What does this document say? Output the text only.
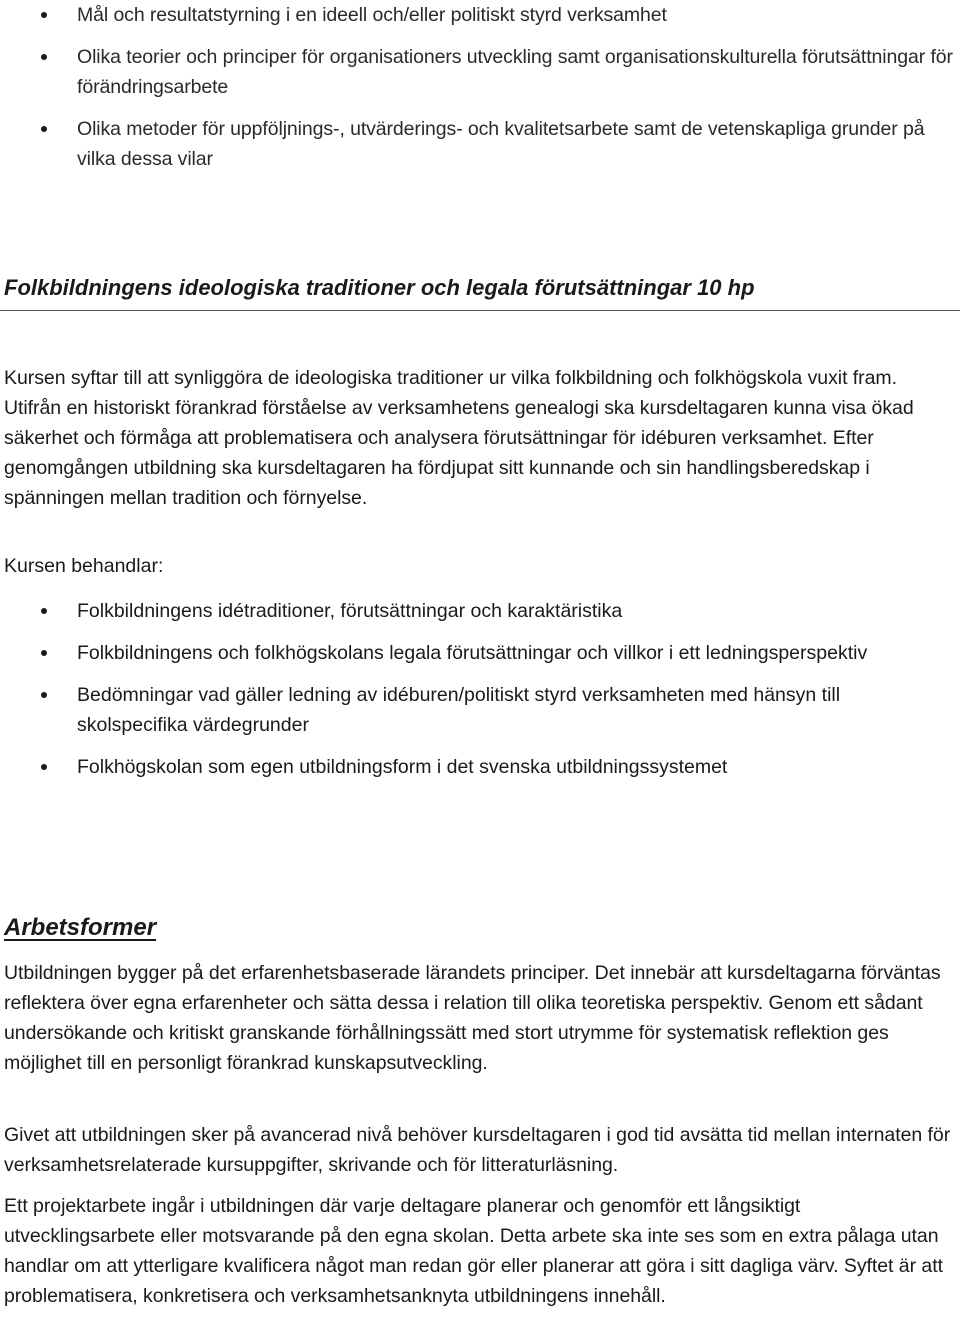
Mål och resultatstyrning i en ideell och/eller politiskt styrd verksamhet
Olika teorier och principer för organisationers utveckling samt organisationskulturella förutsättningar för förändringsarbete
Olika metoder för uppföljnings-, utvärderings- och kvalitetsarbete samt de vetenskapliga grunder på vilka dessa vilar
Folkbildningens ideologiska traditioner och legala förutsättningar 10 hp

Kursen syftar till att synliggöra de ideologiska traditioner ur vilka folkbildning och folkhögskola vuxit fram. Utifrån en historiskt förankrad förståelse av verksamhetens genealogi ska kursdeltagaren kunna visa ökad säkerhet och förmåga att problematisera och analysera förutsättningar för idéburen verksamhet. Efter genomgången utbildning ska kursdeltagaren ha fördjupat sitt kunnande och sin handlingsberedskap i spänningen mellan tradition och förnyelse.

Kursen behandlar:

Folkbildningens idétraditioner, förutsättningar och karaktäristika
Folkbildningens och folkhögskolans legala förutsättningar och villkor i ett ledningsperspektiv
Bedömningar vad gäller ledning av idéburen/politiskt styrd verksamheten med hänsyn till skolspecifika värdegrunder
Folkhögskolan som egen utbildningsform i det svenska utbildningssystemet
Arbetsformer

Utbildningen bygger på det erfarenhetsbaserade lärandets principer. Det innebär att kursdeltagarna förväntas reflektera över egna erfarenheter och sätta dessa i relation till olika teoretiska perspektiv. Genom ett sådant undersökande och kritiskt granskande förhållningssätt med stort utrymme för systematisk reflektion ges möjlighet till en personligt förankrad kunskapsutveckling.

Givet att utbildningen sker på avancerad nivå behöver kursdeltagaren i god tid avsätta tid mellan internaten för verksamhetsrelaterade kursuppgifter, skrivande och för litteraturläsning.

Ett projektarbete ingår i utbildningen där varje deltagare planerar och genomför ett långsiktigt utvecklingsarbete eller motsvarande på den egna skolan. Detta arbete ska inte ses som en extra pålaga utan handlar om att ytterligare kvalificera något man redan gör eller planerar att göra i sitt dagliga värv. Syftet är att problematisera, konkretisera och verksamhetsanknyta utbildningens innehåll.
